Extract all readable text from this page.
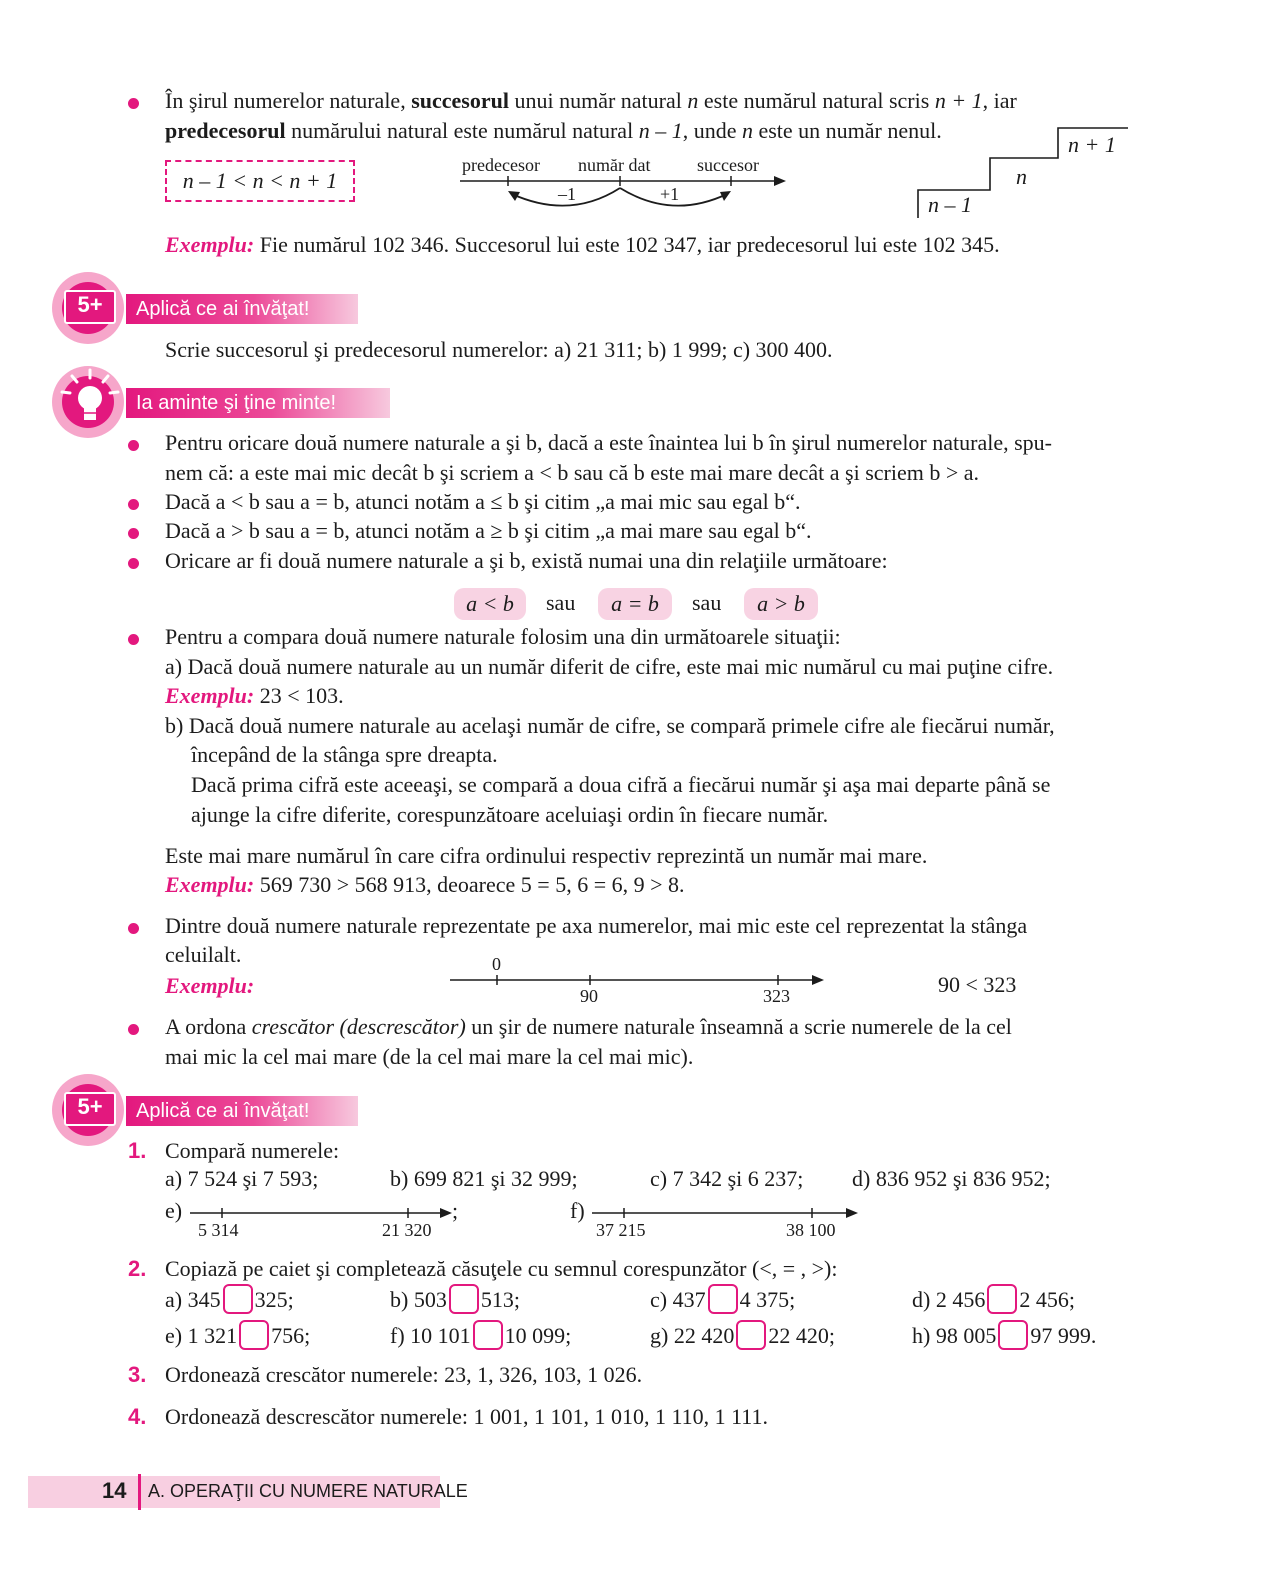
În şirul numerelor naturale, succesorul unui număr natural n este numărul natural scris n + 1, iar
predecesorul numărului natural este numărul natural n – 1, unde n este un număr nenul.
n – 1 < n < n + 1
predecesor număr dat	succesor
–1	+1
n + 1
n
n – 1
Exemplu: Fie numărul 102 346. Succesorul lui este 102 347, iar predecesorul lui este 102 345.
Aplică ce ai învăţat!
5+
Scrie succesorul şi predecesorul numerelor: a) 21 311; b) 1 999; c) 300 400.
Ia aminte şi ţine minte!
Pentru oricare două numere naturale a şi b, dacă a este înaintea lui b în şirul numerelor naturale, spu-
nem că: a este mai mic decât b şi scriem a < b sau că b este mai mare decât a şi scriem b > a.
Dacă a < b sau a = b, atunci notăm a ≤ b şi citim „a mai mic sau egal b“.
Dacă a > b sau a = b, atunci notăm a ≥ b şi citim „a mai mare sau egal b“.
Oricare ar fi două numere naturale a şi b, există numai una din relaţiile următoare:
a < b	sau	a = b	sau	a > b
Pentru a compara două numere naturale folosim una din următoarele situaţii:
a) Dacă două numere naturale au un număr diferit de cifre, este mai mic numărul cu mai puţine cifre.
Exemplu: 23 < 103.
b) Dacă două numere naturale au acelaşi număr de cifre, se compară primele cifre ale fiecărui număr,
începând de la stânga spre dreapta.
Dacă prima cifră este aceeaşi, se compară a doua cifră a fiecărui număr şi aşa mai departe până se
ajunge la cifre diferite, corespunzătoare aceluiaşi ordin în fiecare număr.
Este mai mare numărul în care cifra ordinului respectiv reprezintă un număr mai mare.
Exemplu: 569 730 > 568 913, deoarece 5 = 5, 6 = 6, 9 > 8.
Dintre două numere naturale reprezentate pe axa numerelor, mai mic este cel reprezentat la stânga
celuilalt.
Exemplu:
0
90	323	90 < 323
A ordona crescător (descrescător) un şir de numere naturale înseamnă a scrie numerele de la cel
mai mic la cel mai mare (de la cel mai mare la cel mai mic).
Aplică ce ai învăţat!
5+
1. Compară numerele:
a) 7 524 şi 7 593;	b) 699 821 şi 32 999;	c) 7 342 şi 6 237; d) 836 952 şi 836 952;
e)	f)
5 314	21 320
;
37 215	38 100
2. Copiază pe caiet şi completează căsuţele cu semnul corespunzător (<, = , >):
a) 345 325;	b) 503 513;	c) 437 4 375;	d) 2 456 2 456;
e) 1 321 756;	f) 10 101 10 099;	g) 22 420 22 420;	h) 98 005 97 999.
3. Ordonează crescător numerele: 23, 1, 326, 103, 1 026.
4. Ordonează descrescător numerele: 1 001, 1 101, 1 010, 1 110, 1 111.
14 A. OPERAŢII CU NUMERE NATURALE
